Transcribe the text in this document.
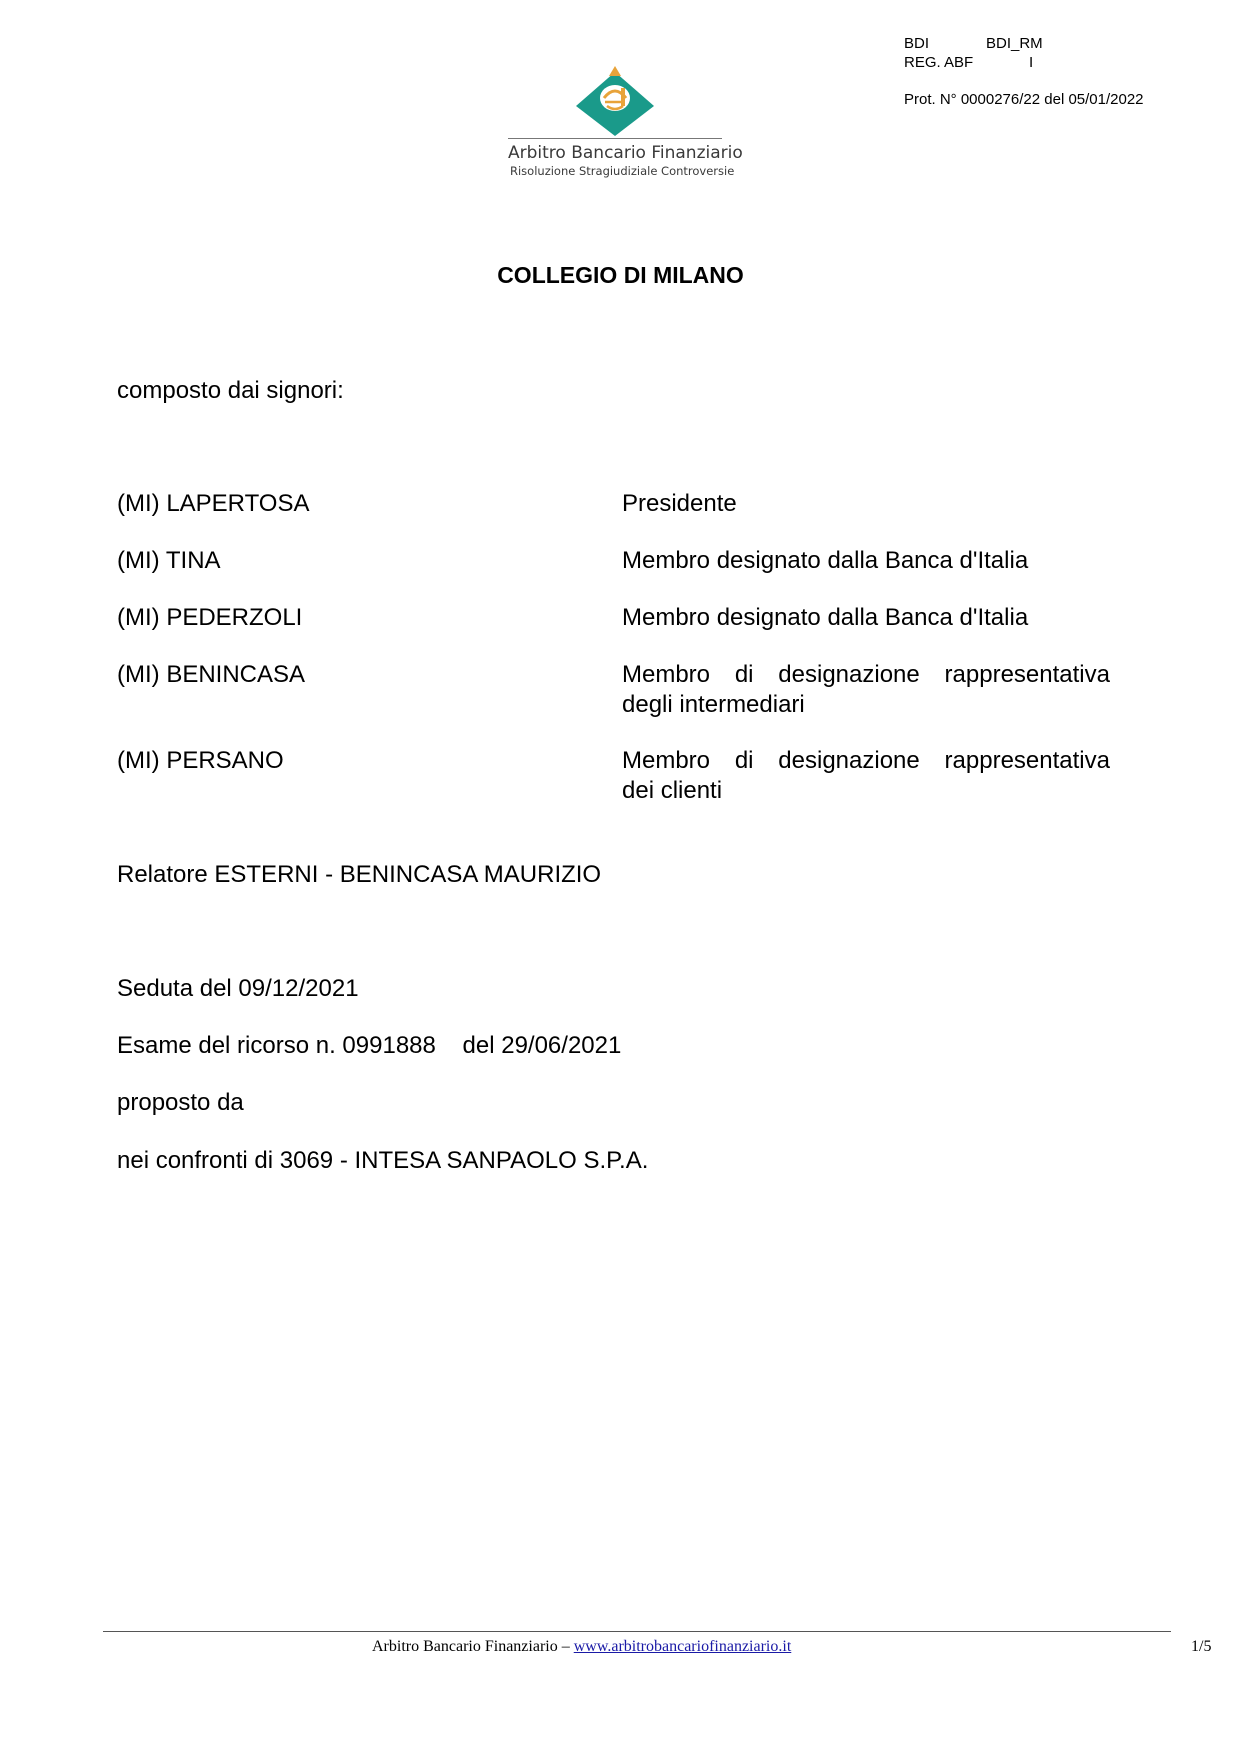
BDI	BDI_RM
REG. ABF	I
Prot. N° 0000276/22 del 05/01/2022
Arbitro Bancario Finanziario
Risoluzione Stragiudiziale Controversie
COLLEGIO DI MILANO
composto dai signori:
(MI) LAPERTOSA	Presidente
(MI) TINA	Membro designato dalla Banca d'Italia
(MI) PEDERZOLI	Membro designato dalla Banca d'Italia
(MI) BENINCASA	Membro di designazione rappresentativa
degli intermediari
(MI) PERSANO	Membro di designazione rappresentativa
dei clienti
Relatore ESTERNI - BENINCASA MAURIZIO
Seduta del 09/12/2021
Esame del ricorso n. 0991888    del 29/06/2021
proposto da
nei confronti di 3069 - INTESA SANPAOLO S.P.A.
Arbitro Bancario Finanziario – www.arbitrobancariofinanziario.it	1/5
